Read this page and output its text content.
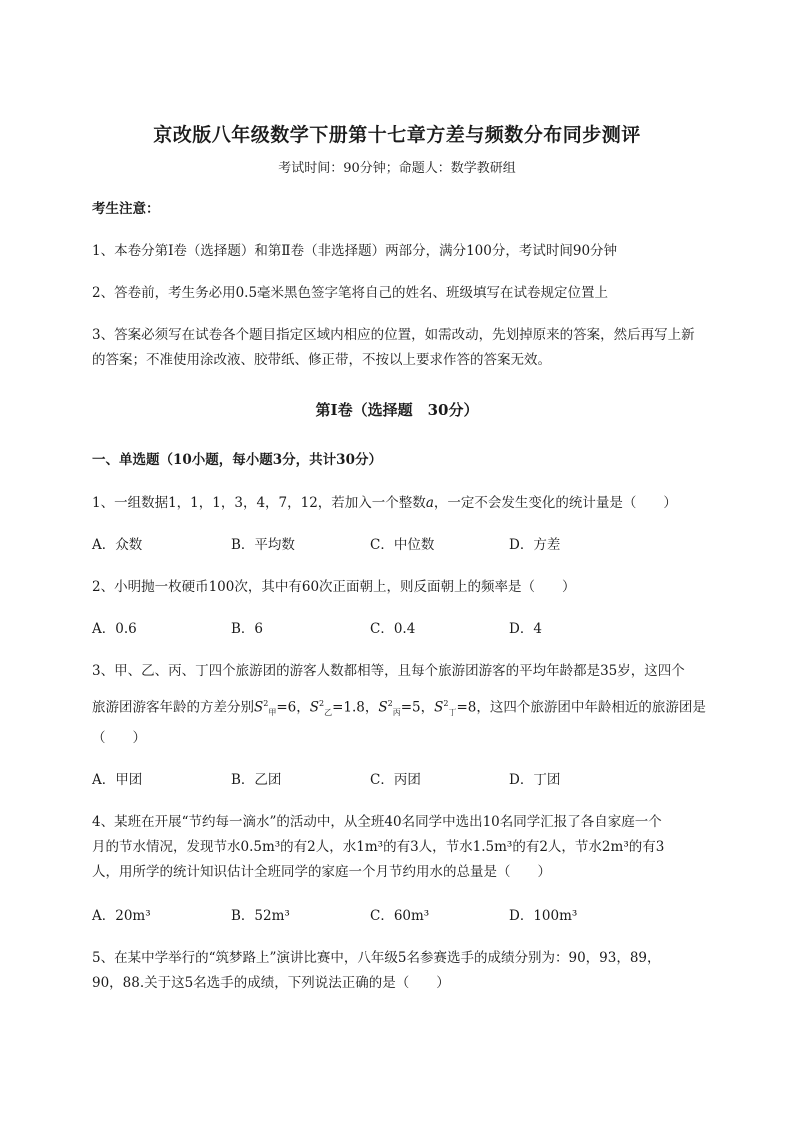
京改版八年级数学下册第十七章方差与频数分布同步测评
考试时间：90分钟；命题人：数学教研组
考生注意：
1、本卷分第Ⅰ卷（选择题）和第Ⅱ卷（非选择题）两部分，满分100分，考试时间90分钟
2、答卷前，考生务必用0.5毫米黑色签字笔将自己的姓名、班级填写在试卷规定位置上
3、答案必须写在试卷各个题目指定区域内相应的位置，如需改动，先划掉原来的答案，然后再写上新
的答案；不准使用涂改液、胶带纸、修正带，不按以上要求作答的答案无效。
第Ⅰ卷（选择题　30分）
一、单选题（10小题，每小题3分，共计30分）
1、一组数据1，1，1，3，4，7，12，若加入一个整数a，一定不会发生变化的统计量是（　　）
A．众数	B．平均数	C．中位数	D．方差
2、小明抛一枚硬币100次，其中有60次正面朝上，则反面朝上的频率是（　　）
A．0.6	B．6	C．0.4	D．4
3、甲、乙、丙、丁四个旅游团的游客人数都相等，且每个旅游团游客的平均年龄都是35岁，这四个
旅游团游客年龄的方差分别$S^2_甲=6$，$S^2_乙=1.8$，$S^2_丙=5$，$S^2_丁=8$，这四个旅游团中年龄相近的旅游团是
（　　）
A．甲团	B．乙团	C．丙团	D．丁团
4、某班在开展“节约每一滴水”的活动中，从全班40名同学中选出10名同学汇报了各自家庭一个
月的节水情况，发现节水0.5m³的有2人，水1m³的有3人，节水1.5m³的有2人，节水2m³的有3
人，用所学的统计知识估计全班同学的家庭一个月节约用水的总量是（　　）
A．20m³	B．52m³	C．60m³	D．100m³
5、在某中学举行的“筑梦路上”演讲比赛中，八年级5名参赛选手的成绩分别为：90，93，89，
90，88.关于这5名选手的成绩，下列说法正确的是（　　）
